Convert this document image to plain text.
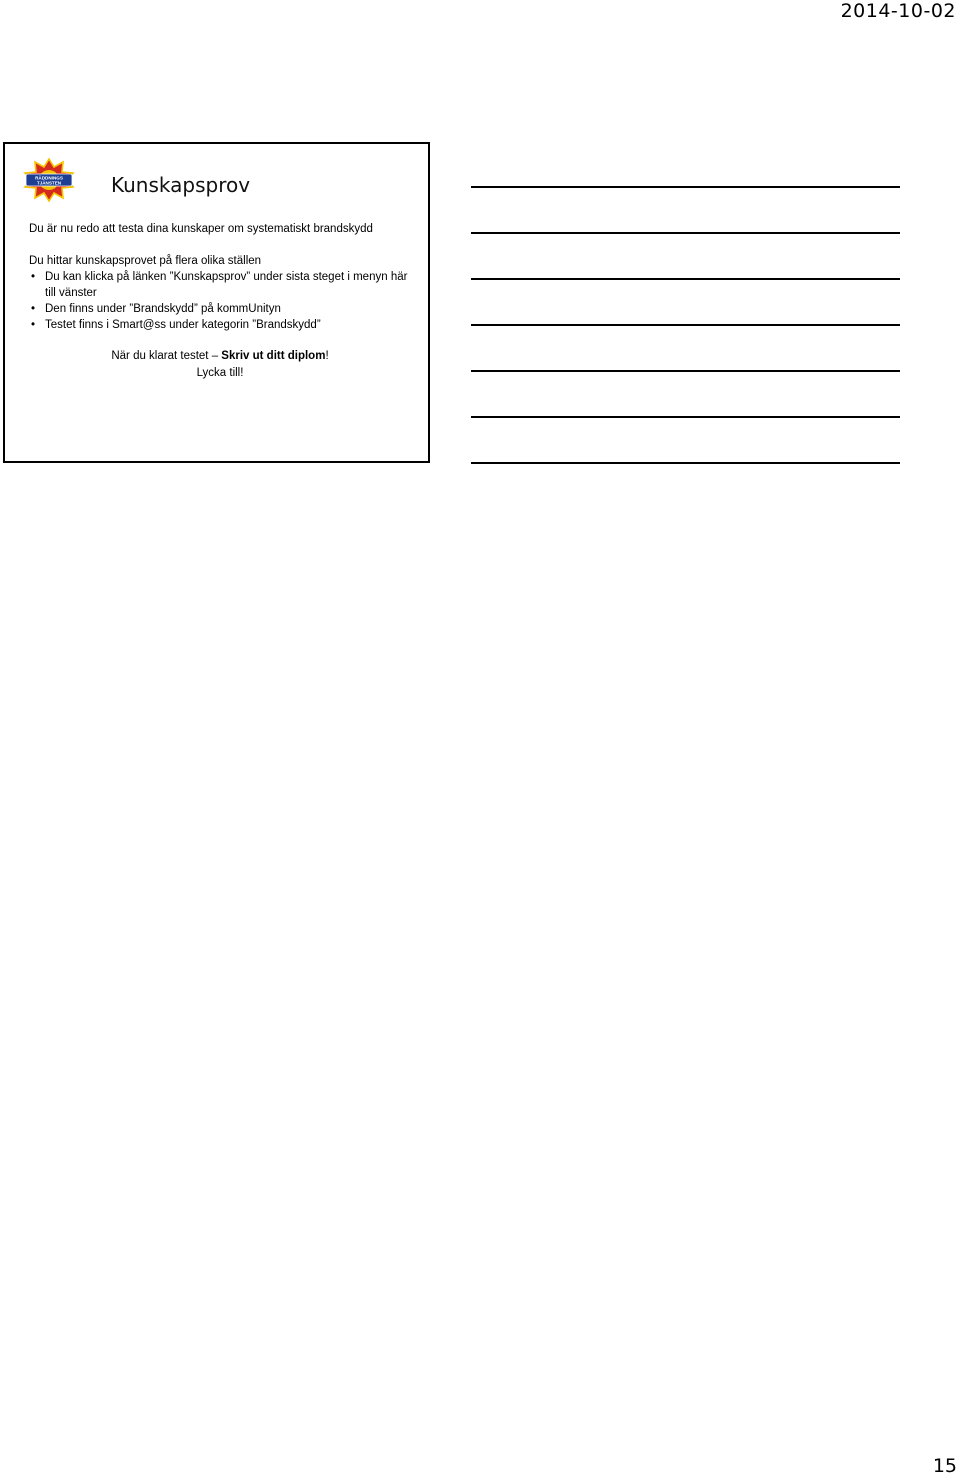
2014-10-02
RÄDDNINGS
TJÄNSTEN Kunskapsprov

Du är nu redo att testa dina kunskaper om systematiskt brandskydd

Du hittar kunskapsprovet på flera olika ställen

• Du kan klicka på länken ”Kunskapsprov” under sista steget i menyn här till vänster
• Den finns under ”Brandskydd” på kommUnityn
• Testet finns i Smart@ss under kategorin ”Brandskydd”
När du klarat testet – Skriv ut ditt diplom!
Lycka till!
15
